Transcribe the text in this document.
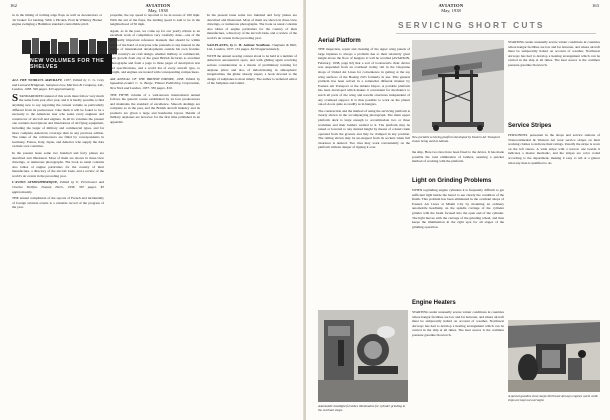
162	AVIATION
May, 1938

in in the timing of trailing edge flaps as well as decelerators or 'air brakes' for landing. With a Pitcairn, Pratt & Whitney Hornet engine swinging a Hamilton standard controllable pitch

NEW VOLUMES FOR THE SHELVES

ALL THE WORLD'S AIRCRAFT, 1937. Edited by C. G. Grey and Leonard Bridgman. Sampson Low, Marston & Company, Ltd., London, 1938. 599 pages. $15 approximately.

STANDARDIZED annual of this work must follow very much the same form year after year, and it is hardly possible to find anything new to say regarding the current volume as particularly different from its predecessor. Like them it will be found to be a necessity to the American user who seeks every engineer and constructor of aircraft and engines. In all its volumes the present one contains descriptions and illustrations of all flying equipment, including the larger of military and commercial types, and far more complete American coverage than in any previous edition. The ranks of the collaborators are filled by correspondents in Germany, France, Italy, Japan, and America who supply the data on their own countries.

In the present issue some two hundred and forty planes are described and illustrated. Most of them are shown in three-view drawings, or numerous photographs. The book as usual contains also tables of engine particulars for the country of their manufacture, a directory of the aircraft trade, and a review of the world's air events in the preceding year.

L'AVION ATMOSPHERIQUE, Edited by E. Pérchonnet and Charles Dollfus. Dunod, Paris, 1938. 367 pages. $3 approximately.

THE annual compilation of the reports of French and incidentally of foreign aviation events is a valuable record of the progress of the year.

propeller, the top speed is reported to be in excess of 160 mph. With the aid of the flaps, the landing speed is said to be in the neighborhood of 50 mph.

Again, as in the past, we come up for our yearly tribute to an excellent work of compilation very carefully done—one of the few really important reference manuals that should be within reach of the hand of everyone who pretends to any interest in the course of international developments outside his own frontier. Each country's air craft design, whether military or commercial, their growth from any of the great British factories to excellent photographs and from a page to three pages of description text and specifications, and a world list of every aircraft type, to weight, and engines are treated with corresponding compactness.

AIR ANNUAL OF THE BRITISH EMPIRE, 1938. Edited by Squadron-Leader C. G. Burge. Pitman Publishing Corporation, New York and London, 1937. 336 pages. $10.

THE FIFTH volume of a well-known international annual follows the general course established by its four predecessors and maintains the standard of excellence. Smooth dealings are complete as in the past, and the British aircraft industry and its products are given a large and handsome layout. Details of military airplanes are however for the first time published in an appendix.

In the present issue some two hundred and forty planes are described and illustrated. Most of them are shown in three-view drawings, or numerous photographs. The book as usual contains also tables of engine particulars for the country of their manufacture, a directory of the aircraft trade, and a review of the world's air events in the preceding year.

SAILPLANES, by C. H. Latimer Needham. Chapman & Hall, Ltd., London, 1937. 161 pages. $2.50 approximately.

WITH the annual soaring contest about to be held at a number of American aeronautical spots, and with gliding again receiving serious consideration as a means of preliminary training for airplane pilots and also of indoctrinating in atmospheric irregularities, the glider already expert, a book devoted to the design of sailplanes is most timely. The author is technical editor of the Sailplane and Glider.

AVIATION
May, 1938
163
SERVICING SHORT CUTS
Aerial Platform

THE inspection, repair and cleaning of the upper wing panels of large biplanes is always a problem due to their relatively great height above the floor of hangars. It will be recalled (AVIATION, February, 1938, page 62) that a sort of boatswain's chair device was suspended from an overhead trolley rail in the Cheyenne shops of United Air Lines for convenience in getting at the top wing surfaces of the Boeing 247s formerly in use. This general problem has been solved in a somewhat different manner by Eastern Air Transport at the Atlanta Depot. A portable platform has been developed which makes it convenient for mechanics to reach all parts of the wing and nacelle structures independent of any overhead support. It is thus possible to work on the planes out-of-doors quite as readily as in hangars.

The construction and the method of using the servicing platform is clearly shown in the accompanying photograph. The main upper platform deck is large enough to accommodate two or three workmen and their ladders welded to it. The platform may be raised or lowered to any desired height by means of a hand crank operated from the ground, and may be clamped in any position. The railing shown may be un-stepped from its sockets when full clearance is desired. Two tires may work conveniently on the platform without danger of tipping it over.

New portable servicing platform developed by Eastern Air Transport shown being used at Atlanta.

the ship. Here two tires have been fixed to the device. It has made possible the total elimination of ladders, assuring a quicker method of working with the platform.

Light on Grinding Problems

WHEN regrinding engine cylinders it is frequently difficult to get sufficient light inside the barrel to see clearly the condition of the finish. This problem has been eliminated in the overhaul shops of Eastern Air Lines at Miami City by mounting an ordinary automobile headlamp on the spindle carriage of the cylinder grinder with the beam focused into the open end of the cylinder. The light moves with the carriage of the grinding wheel, and thus keeps the illumination in the right spot for all stages of the grinding operation.

Engine Heaters

STARTING under unusually severe winter conditions in countries where hangar facilities are low and far between, and where aircraft must be temporarily halted on account of weather, Northwest Airways has had to develop a heating arrangement which can be carried in the ship at all times. The heat source is the common pressure gasoline blowtorch.

Automobile headlight furnishes illumination for cylinder grinding in the overhaul shops.
Service Stripes

PERSONNEL personnel in the shops and service stations of Transcontinental & Western Air wear service stripes on their working clothes to indicate their ratings. Usually the stripe is worn on the left sleeve. A wide stripe with a narrow one beside it indicates a master mechanic, and the stripes are color coded according to the department, making it easy to tell at a glance what any man is qualified to do.

STARTING under unusually severe winter conditions in countries where hangar facilities are low and far between, and where aircraft must be temporarily halted on account of weather, Northwest Airways has had to develop a heating arrangement which can be carried in the ship at all times. The heat source is the common pressure gasoline blowtorch.

A special gasoline stove keeps Northwest Airways engines warm while ships are kept out overnight.
